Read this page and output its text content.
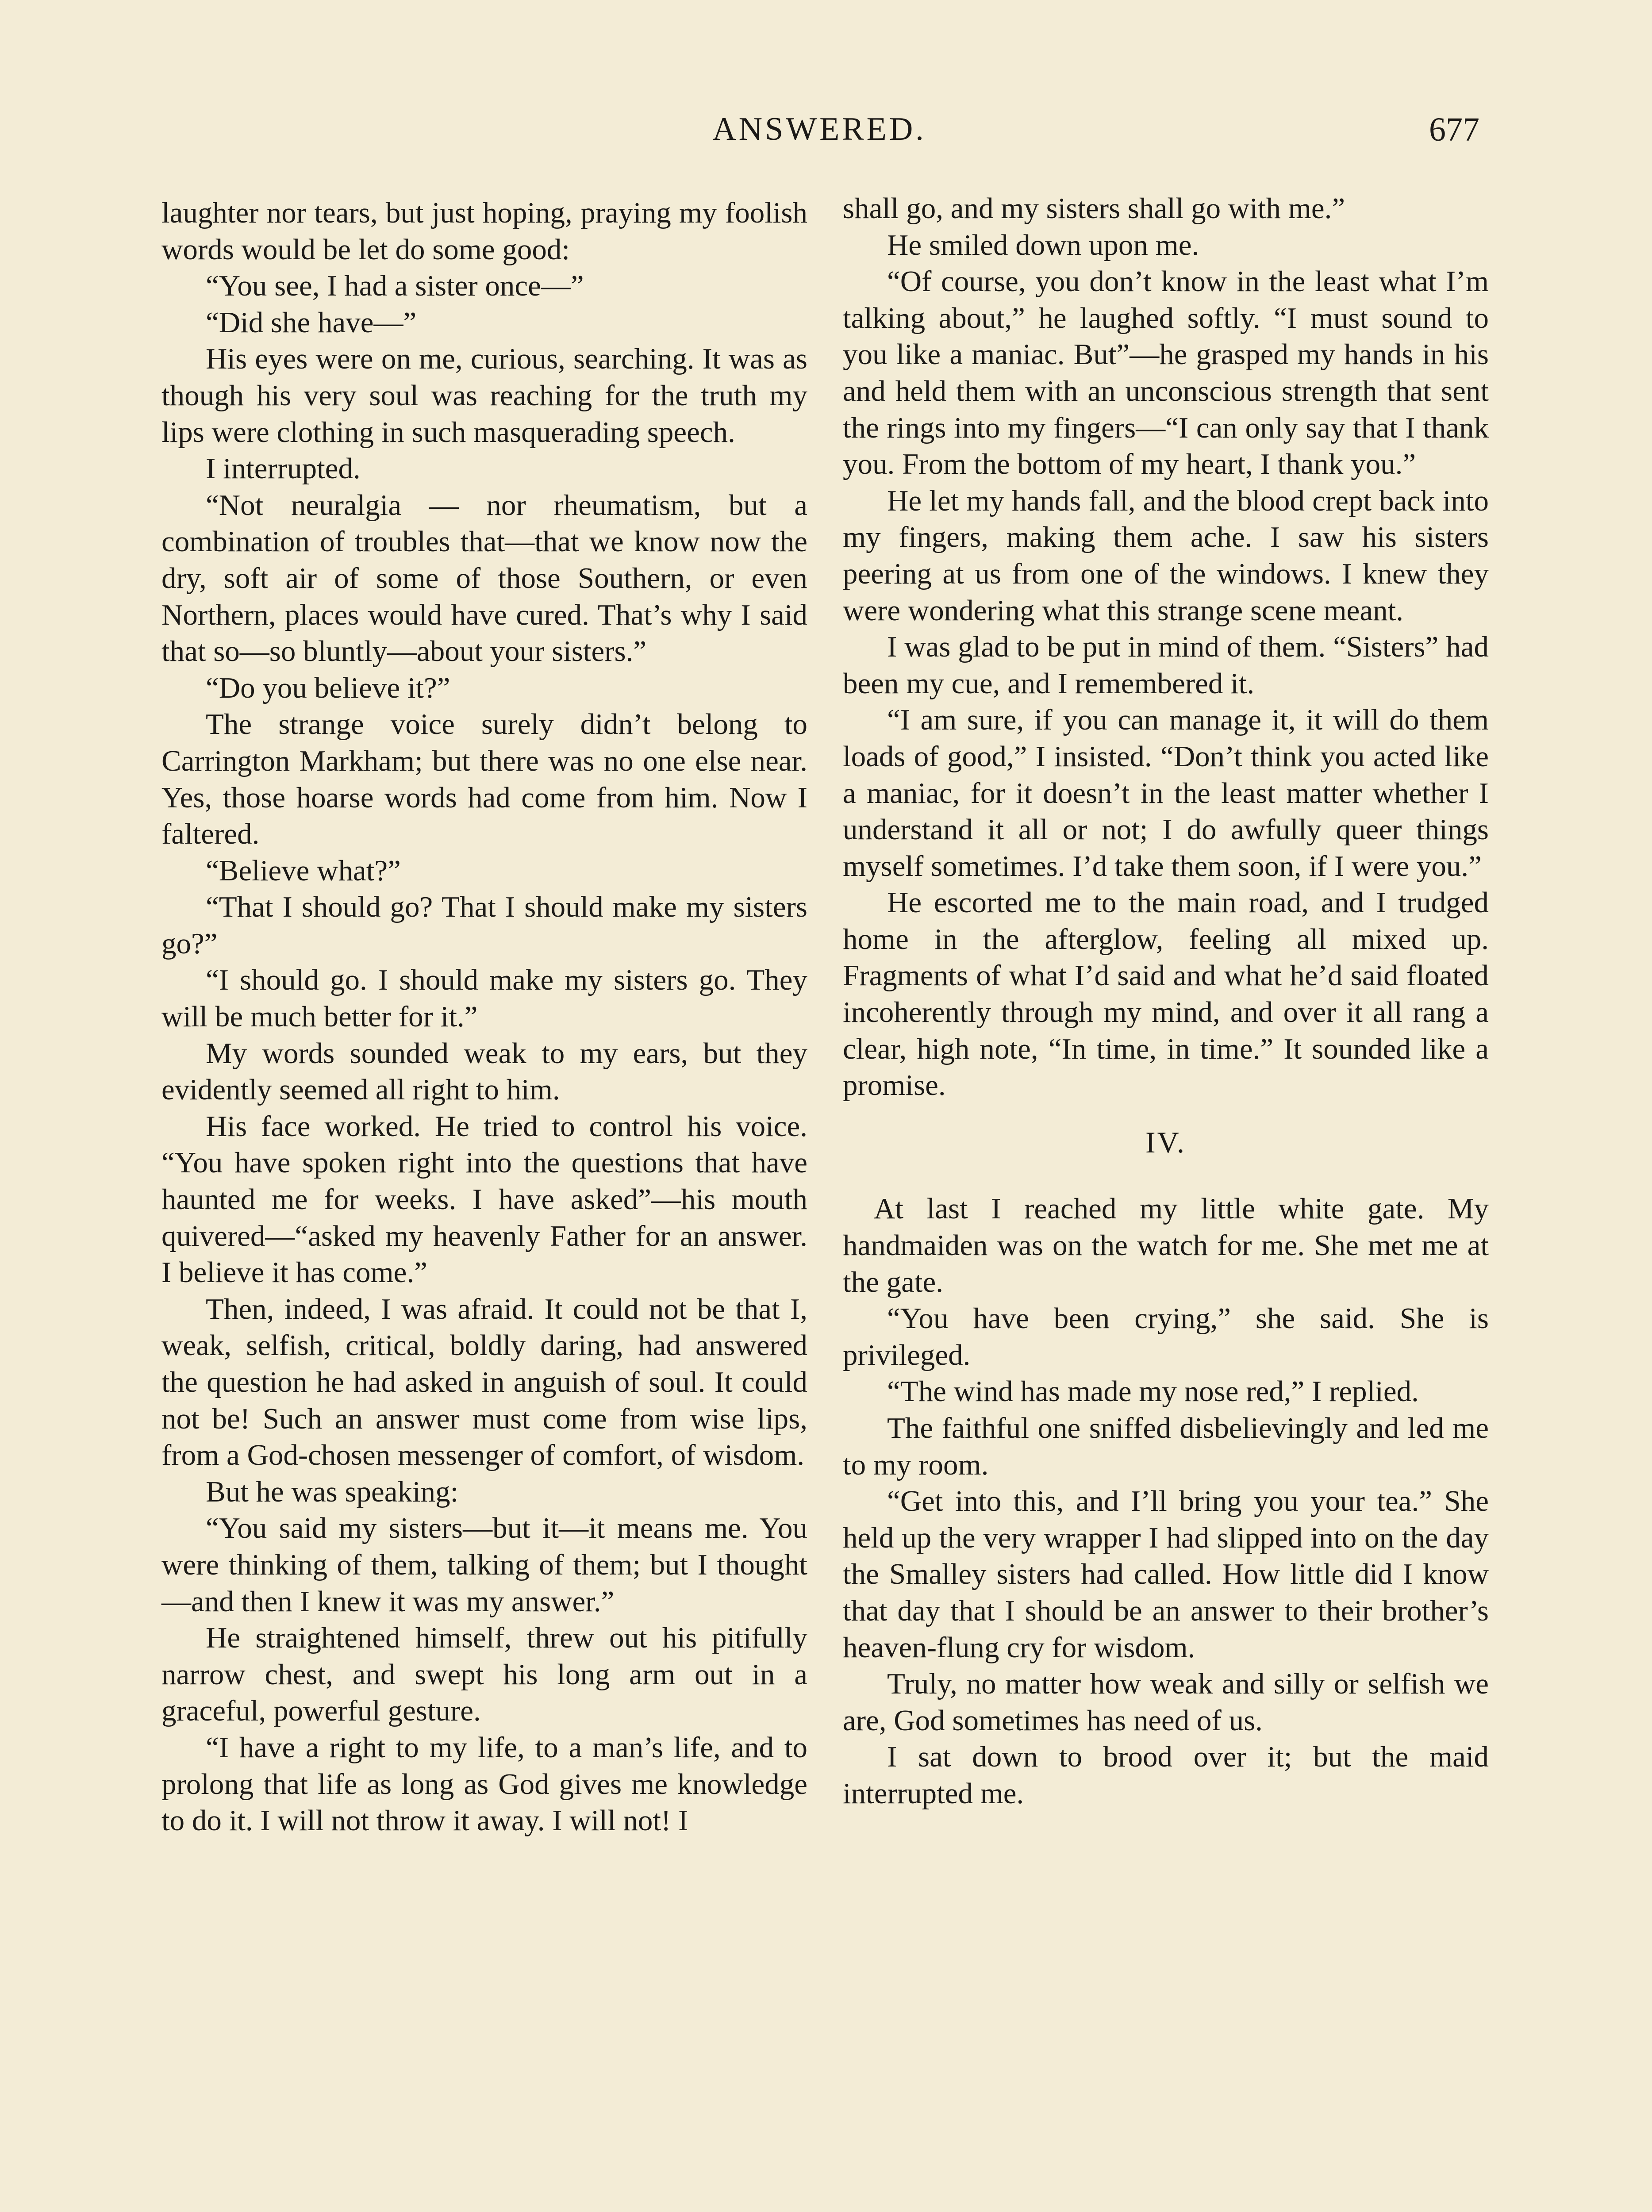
ANSWERED.	677

laughter nor tears, but just hoping, praying my foolish words would be let do some good:

“You see, I had a sister once—”

“Did she have—”

His eyes were on me, curious, searching. It was as though his very soul was reaching for the truth my lips were clothing in such masquerading speech.

I interrupted.

“Not neuralgia — nor rheumatism, but a combination of troubles that—that we know now the dry, soft air of some of those Southern, or even Northern, places would have cured. That’s why I said that so—so bluntly—about your sisters.”

“Do you believe it?”

The strange voice surely didn’t belong to Carrington Markham; but there was no one else near. Yes, those hoarse words had come from him. Now I faltered.

“Believe what?”

“That I should go? That I should make my sisters go?”

“I should go. I should make my sisters go. They will be much better for it.”

My words sounded weak to my ears, but they evidently seemed all right to him.

His face worked. He tried to control his voice. “You have spoken right into the questions that have haunted me for weeks. I have asked”—his mouth quivered—“asked my heavenly Father for an answer. I believe it has come.”

Then, indeed, I was afraid. It could not be that I, weak, selfish, critical, boldly daring, had answered the question he had asked in anguish of soul. It could not be! Such an answer must come from wise lips, from a God-chosen messenger of comfort, of wisdom.

But he was speaking:

“You said my sisters—but it—it means me. You were thinking of them, talking of them; but I thought—and then I knew it was my answer.”

He straightened himself, threw out his pitifully narrow chest, and swept his long arm out in a graceful, powerful gesture.

“I have a right to my life, to a man’s life, and to prolong that life as long as God gives me knowledge to do it. I will not throw it away. I will not! I

shall go, and my sisters shall go with me.”

He smiled down upon me.

“Of course, you don’t know in the least what I’m talking about,” he laughed softly. “I must sound to you like a maniac. But”—he grasped my hands in his and held them with an unconscious strength that sent the rings into my fingers—“I can only say that I thank you. From the bottom of my heart, I thank you.”

He let my hands fall, and the blood crept back into my fingers, making them ache. I saw his sisters peering at us from one of the windows. I knew they were wondering what this strange scene meant.

I was glad to be put in mind of them. “Sisters” had been my cue, and I remembered it.

“I am sure, if you can manage it, it will do them loads of good,” I insisted. “Don’t think you acted like a maniac, for it doesn’t in the least matter whether I understand it all or not; I do awfully queer things myself sometimes. I’d take them soon, if I were you.”

He escorted me to the main road, and I trudged home in the afterglow, feeling all mixed up. Fragments of what I’d said and what he’d said floated incoherently through my mind, and over it all rang a clear, high note, “In time, in time.” It sounded like a promise.

IV.

At last I reached my little white gate. My handmaiden was on the watch for me. She met me at the gate.

“You have been crying,” she said. She is privileged.

“The wind has made my nose red,” I replied.

The faithful one sniffed disbelievingly and led me to my room.

“Get into this, and I’ll bring you your tea.” She held up the very wrapper I had slipped into on the day the Smalley sisters had called. How little did I know that day that I should be an answer to their brother’s heaven-flung cry for wisdom.

Truly, no matter how weak and silly or selfish we are, God sometimes has need of us.

I sat down to brood over it; but the maid interrupted me.
